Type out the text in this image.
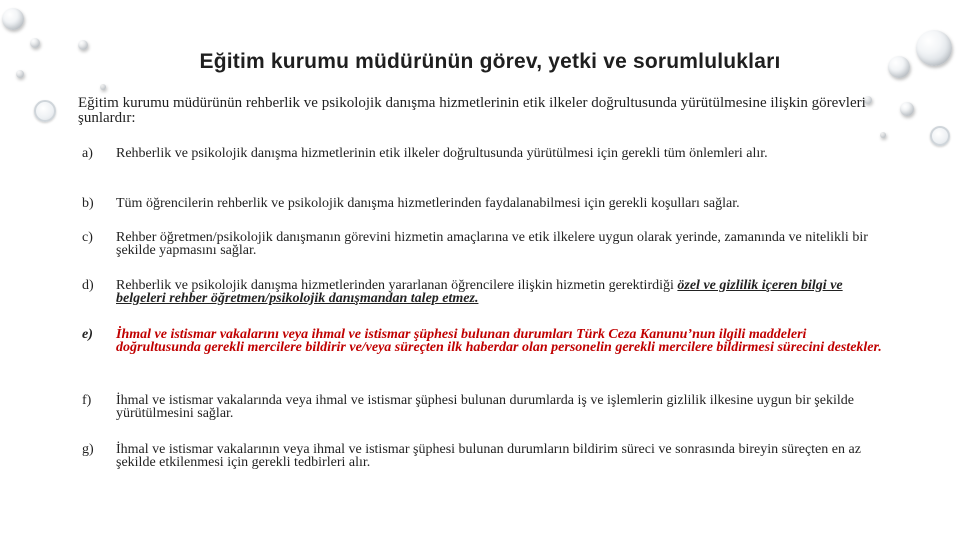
Eğitim kurumu müdürünün görev, yetki ve sorumlulukları

Eğitim kurumu müdürünün rehberlik ve psikolojik danışma hizmetlerinin etik ilkeler doğrultusunda yürütülmesine ilişkin görevleri şunlardır:

a) Rehberlik ve psikolojik danışma hizmetlerinin etik ilkeler doğrultusunda yürütülmesi için gerekli tüm önlemleri alır.
b) Tüm öğrencilerin rehberlik ve psikolojik danışma hizmetlerinden faydalanabilmesi için gerekli koşulları sağlar.
c) Rehber öğretmen/psikolojik danışmanın görevini hizmetin amaçlarına ve etik ilkelere uygun olarak yerinde, zamanında ve nitelikli bir şekilde yapmasını sağlar.
d) Rehberlik ve psikolojik danışma hizmetlerinden yararlanan öğrencilere ilişkin hizmetin gerektirdiği özel ve gizlilik içeren bilgi ve belgeleri rehber öğretmen/psikolojik danışmandan talep etmez.
e) İhmal ve istismar vakalarını veya ihmal ve istismar şüphesi bulunan durumları Türk Ceza Kanunu’nun ilgili maddeleri doğrultusunda gerekli mercilere bildirir ve/veya süreçten ilk haberdar olan personelin gerekli mercilere bildirmesi sürecini destekler.
f) İhmal ve istismar vakalarında veya ihmal ve istismar şüphesi bulunan durumlarda iş ve işlemlerin gizlilik ilkesine uygun bir şekilde yürütülmesini sağlar.
g) İhmal ve istismar vakalarının veya ihmal ve istismar şüphesi bulunan durumların bildirim süreci ve sonrasında bireyin süreçten en az şekilde etkilenmesi için gerekli tedbirleri alır.
